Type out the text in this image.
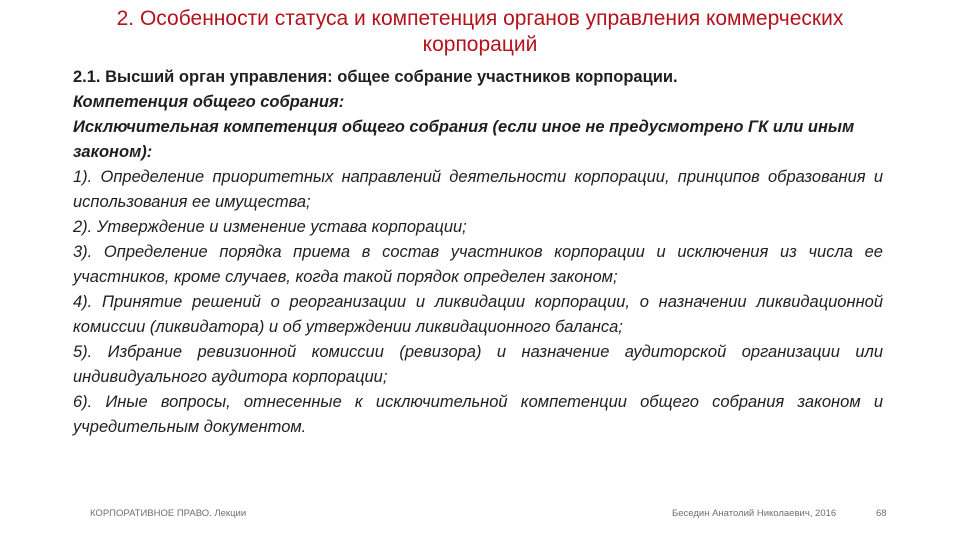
2. Особенности статуса и компетенция органов управления коммерческих корпораций

2.1. Высший орган управления: общее собрание участников корпорации.

Компетенция общего собрания:

Исключительная компетенция общего собрания (если иное не предусмотрено ГК или иным законом):

1). Определение приоритетных направлений деятельности корпорации, принципов образования и использования ее имущества;

2). Утверждение и изменение устава корпорации;

3). Определение порядка приема в состав участников корпорации и исключения из числа ее участников, кроме случаев, когда такой порядок определен законом;

4). Принятие решений о реорганизации и ликвидации корпорации, о назначении ликвидационной комиссии (ликвидатора) и об утверждении ликвидационного баланса;

5). Избрание ревизионной комиссии (ревизора) и назначение аудиторской организации или индивидуального аудитора корпорации;

6). Иные вопросы, отнесенные к исключительной компетенции общего собрания законом и учредительным документом.

КОРПОРАТИВНОЕ ПРАВО. Лекции	Беседин Анатолий Николаевич, 2016	68
